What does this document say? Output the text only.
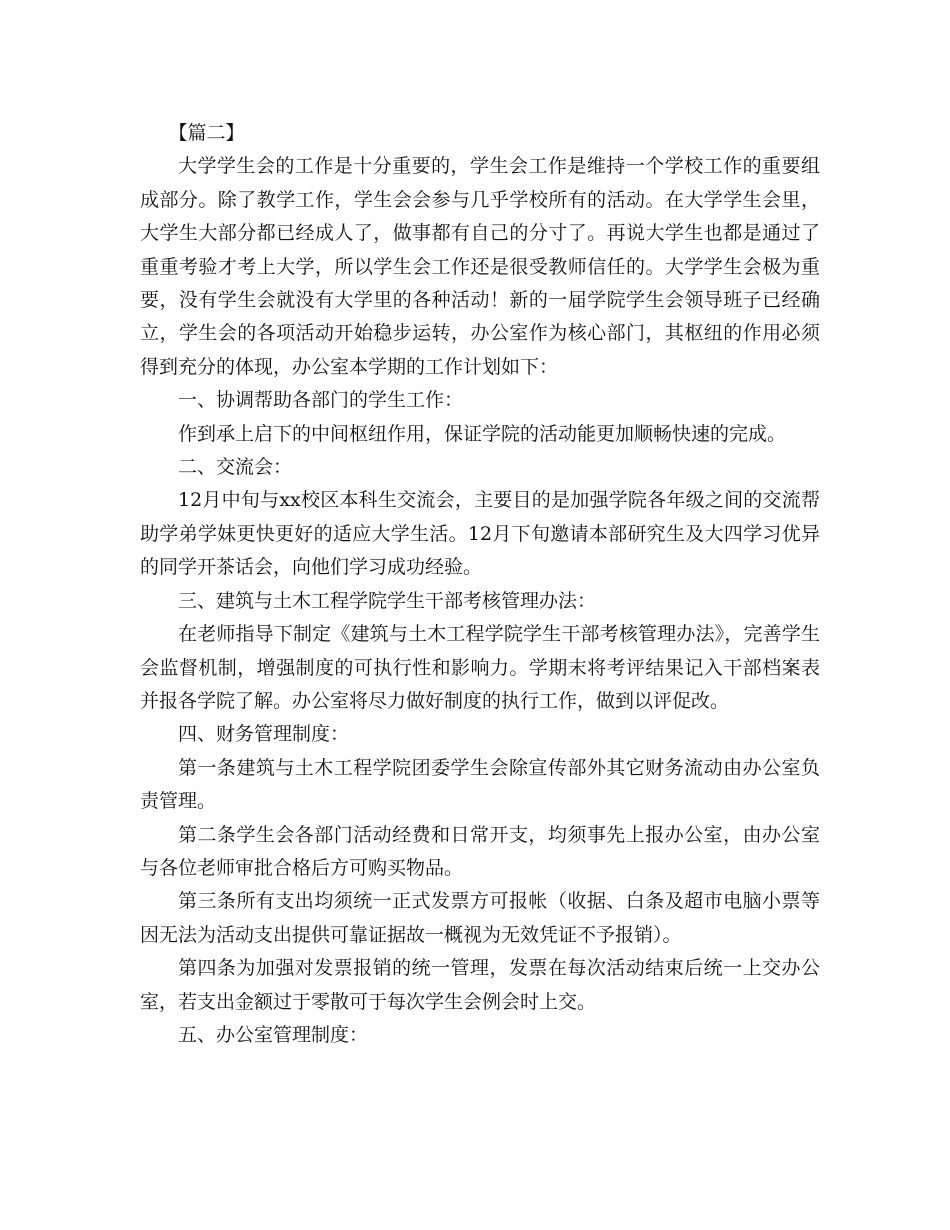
【篇二】

大学学生会的工作是十分重要的，学生会工作是维持一个学校工作的重要组成部分。除了教学工作，学生会会参与几乎学校所有的活动。在大学学生会里，大学生大部分都已经成人了，做事都有自己的分寸了。再说大学生也都是通过了重重考验才考上大学，所以学生会工作还是很受教师信任的。大学学生会极为重要，没有学生会就没有大学里的各种活动！新的一届学院学生会领导班子已经确立，学生会的各项活动开始稳步运转，办公室作为核心部门，其枢纽的作用必须得到充分的体现，办公室本学期的工作计划如下：

一、协调帮助各部门的学生工作：

作到承上启下的中间枢纽作用，保证学院的活动能更加顺畅快速的完成。

二、交流会：

12月中旬与xx校区本科生交流会，主要目的是加强学院各年级之间的交流帮助学弟学妹更快更好的适应大学生活。12月下旬邀请本部研究生及大四学习优异的同学开茶话会，向他们学习成功经验。

三、建筑与土木工程学院学生干部考核管理办法：

在老师指导下制定《建筑与土木工程学院学生干部考核管理办法》，完善学生会监督机制，增强制度的可执行性和影响力。学期末将考评结果记入干部档案表并报各学院了解。办公室将尽力做好制度的执行工作，做到以评促改。

四、财务管理制度：

第一条建筑与土木工程学院团委学生会除宣传部外其它财务流动由办公室负责管理。

第二条学生会各部门活动经费和日常开支，均须事先上报办公室，由办公室与各位老师审批合格后方可购买物品。

第三条所有支出均须统一正式发票方可报帐（收据、白条及超市电脑小票等因无法为活动支出提供可靠证据故一概视为无效凭证不予报销）。

第四条为加强对发票报销的统一管理，发票在每次活动结束后统一上交办公室，若支出金额过于零散可于每次学生会例会时上交。

五、办公室管理制度：
